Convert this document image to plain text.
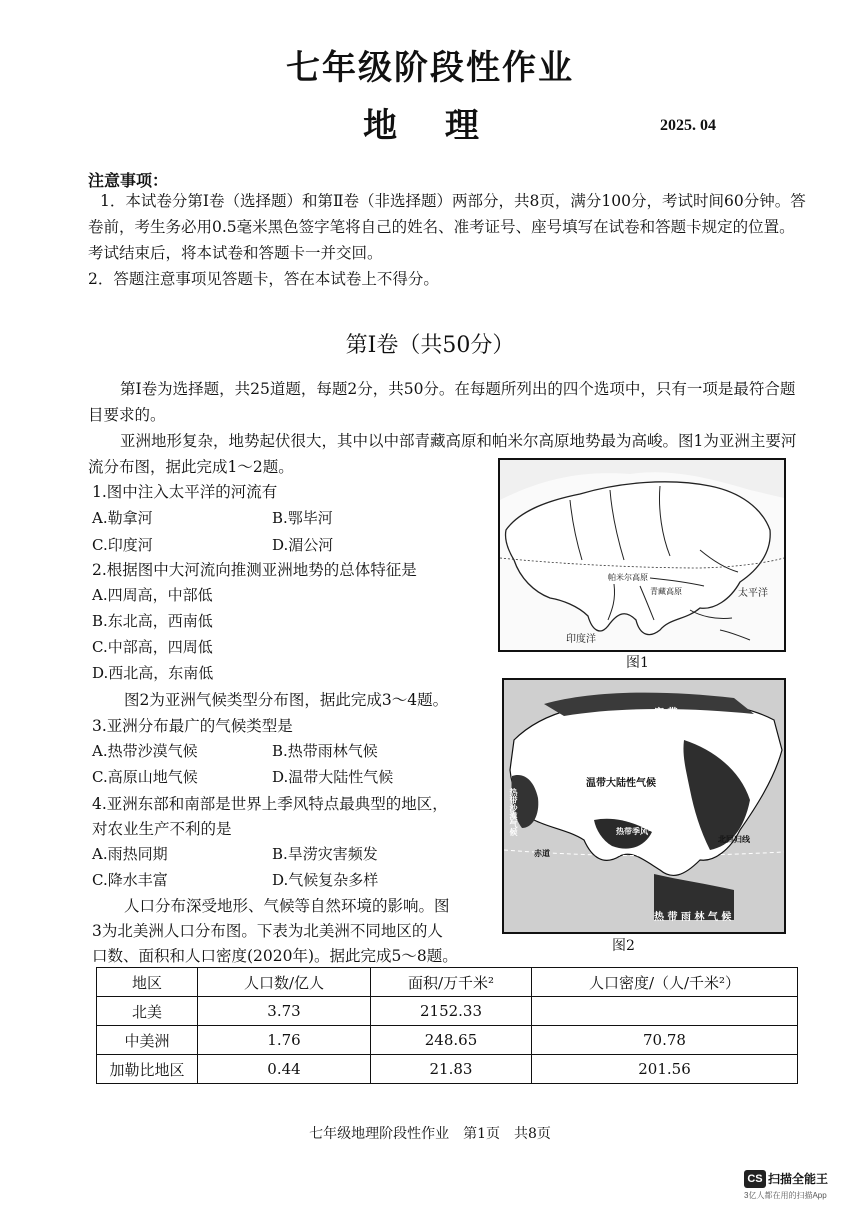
七年级阶段性作业
地 理	2025. 04
注意事项：
1．本试卷分第Ⅰ卷（选择题）和第Ⅱ卷（非选择题）两部分，共8页，满分100分，考试时间60分钟。答卷前，考生务必用0.5毫米黑色签字笔将自己的姓名、准考证号、座号填写在试卷和答题卡规定的位置。考试结束后，将本试卷和答题卡一并交回。
2．答题注意事项见答题卡，答在本试卷上不得分。
第Ⅰ卷（共50分）
第Ⅰ卷为选择题，共25道题，每题2分，共50分。在每题所列出的四个选项中，只有一项是最符合题目要求的。
亚洲地形复杂，地势起伏很大，其中以中部青藏高原和帕米尔高原地势最为高峻。图1为亚洲主要河流分布图，据此完成1～2题。
1.图中注入太平洋的河流有
A.勒拿河	B.鄂毕河
C.印度河	D.湄公河
2.根据图中大河流向推测亚洲地势的总体特征是
A.四周高，中部低
B.东北高，西南低
C.中部高，四周低
D.西北高，东南低
图2为亚洲气候类型分布图，据此完成3～4题。
3.亚洲分布最广的气候类型是
A.热带沙漠气候	B.热带雨林气候
C.高原山地气候	D.温带大陆性气候
4.亚洲东部和南部是世界上季风特点最典型的地区，
对农业生产不利的是
A.雨热同期	B.旱涝灾害频发
C.降水丰富	D.气候复杂多样
人口分布深受地形、气候等自然环境的影响。图
3为北美洲人口分布图。下表为北美洲不同地区的人
口数、面积和人口密度(2020年)。据此完成5～8题。
帕米尔高原
青藏高原	太平洋
印度洋
图1
寒 带
温带大陆性气候
热带沙漠气候	热带季风气候
北回归线
赤道
热 带 雨 林 气 候
图2
地区	人口数/亿人	面积/万千米²	人口密度/（人/千米²）
北美	3.73	2152.33	
中美洲	1.76	248.65	70.78
加勒比地区	0.44	21.83	201.56
七年级地理阶段性作业　第1页　共8页
CS 扫描全能王
3亿人都在用的扫描App
